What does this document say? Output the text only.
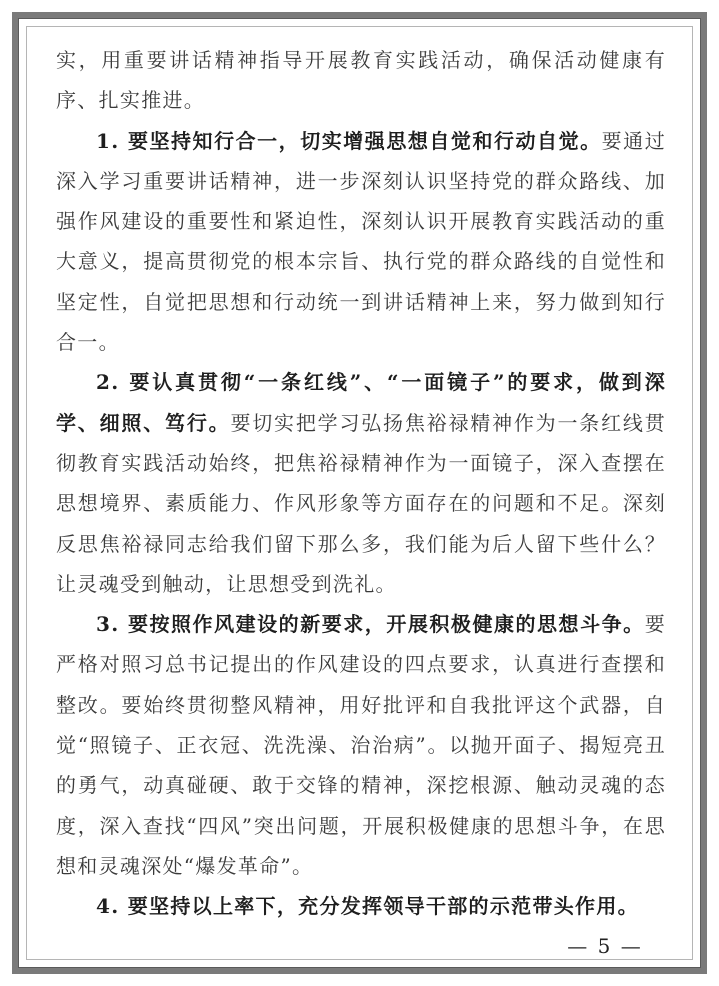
实，用重要讲话精神指导开展教育实践活动，确保活动健康有序、扎实推进。

1. 要坚持知行合一，切实增强思想自觉和行动自觉。要通过深入学习重要讲话精神，进一步深刻认识坚持党的群众路线、加强作风建设的重要性和紧迫性，深刻认识开展教育实践活动的重大意义，提高贯彻党的根本宗旨、执行党的群众路线的自觉性和坚定性，自觉把思想和行动统一到讲话精神上来，努力做到知行合一。

2. 要认真贯彻“一条红线”、“一面镜子”的要求，做到深学、细照、笃行。要切实把学习弘扬焦裕禄精神作为一条红线贯彻教育实践活动始终，把焦裕禄精神作为一面镜子，深入查摆在思想境界、素质能力、作风形象等方面存在的问题和不足。深刻反思焦裕禄同志给我们留下那么多，我们能为后人留下些什么？让灵魂受到触动，让思想受到洗礼。

3. 要按照作风建设的新要求，开展积极健康的思想斗争。要严格对照习总书记提出的作风建设的四点要求，认真进行查摆和整改。要始终贯彻整风精神，用好批评和自我批评这个武器，自觉“照镜子、正衣冠、洗洗澡、治治病”。以抛开面子、揭短亮丑的勇气，动真碰硬、敢于交锋的精神，深挖根源、触动灵魂的态度，深入查找“四风”突出问题，开展积极健康的思想斗争，在思想和灵魂深处“爆发革命”。

4. 要坚持以上率下，充分发挥领导干部的示范带头作用。

— 5 —
